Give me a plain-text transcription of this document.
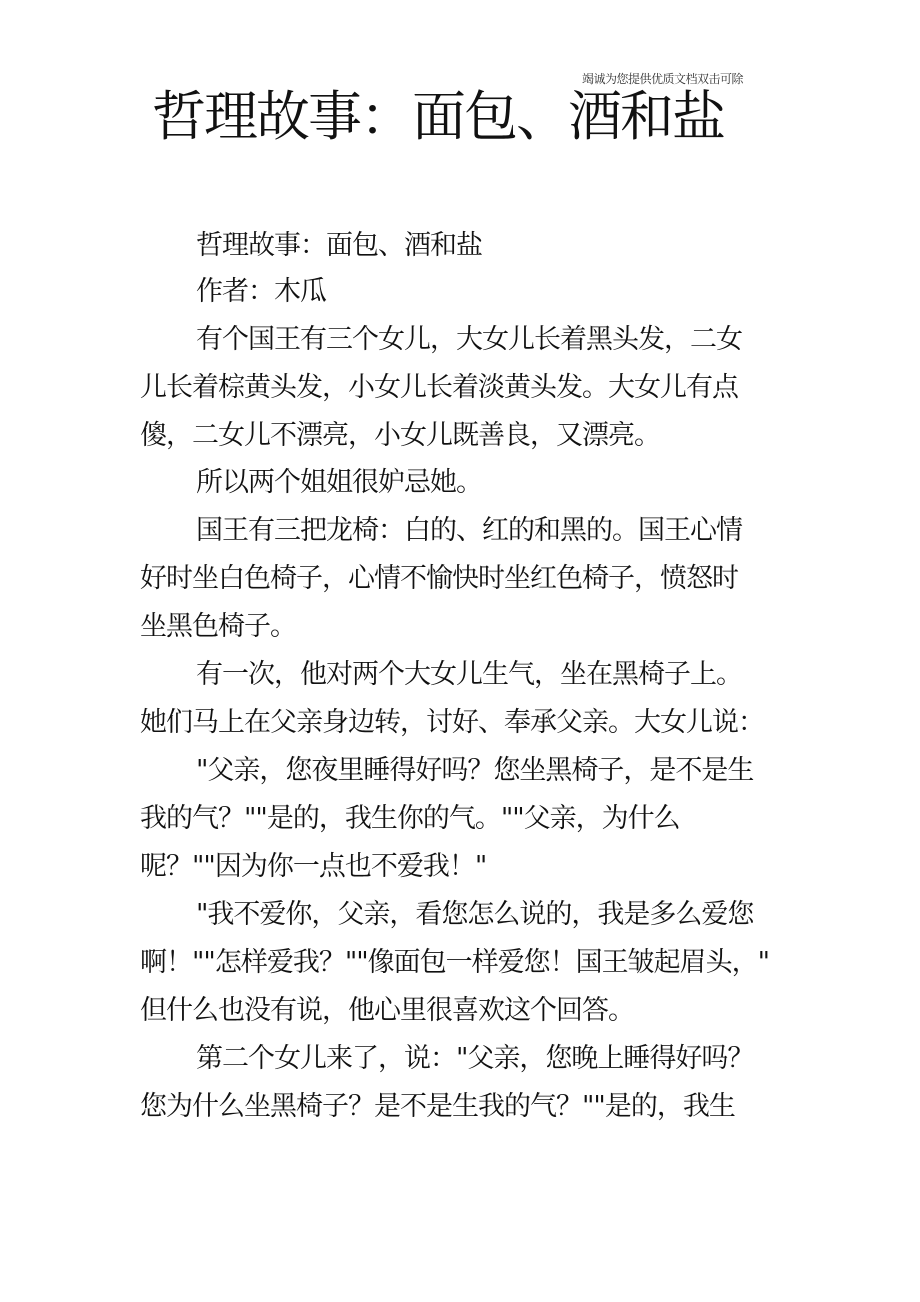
竭诚为您提供优质文档双击可除
哲理故事：面包、酒和盐
哲理故事：面包、酒和盐
作者：木瓜
有个国王有三个女儿，大女儿长着黑头发，二女
儿长着棕黄头发，小女儿长着淡黄头发。大女儿有点
傻，二女儿不漂亮，小女儿既善良，又漂亮。
所以两个姐姐很妒忌她。
国王有三把龙椅：白的、红的和黑的。国王心情
好时坐白色椅子，心情不愉快时坐红色椅子，愤怒时
坐黑色椅子。
有一次，他对两个大女儿生气，坐在黑椅子上。
她们马上在父亲身边转，讨好、奉承父亲。大女儿说：
"父亲，您夜里睡得好吗？您坐黑椅子，是不是生
我的气？""是的，我生你的气。""父亲，为什么
呢？""因为你一点也不爱我！"
"我不爱你，父亲，看您怎么说的，我是多么爱您
啊！""怎样爱我？""像面包一样爱您！国王皱起眉头，"
但什么也没有说，他心里很喜欢这个回答。
第二个女儿来了，说："父亲，您晚上睡得好吗？
您为什么坐黑椅子？是不是生我的气？""是的，我生
